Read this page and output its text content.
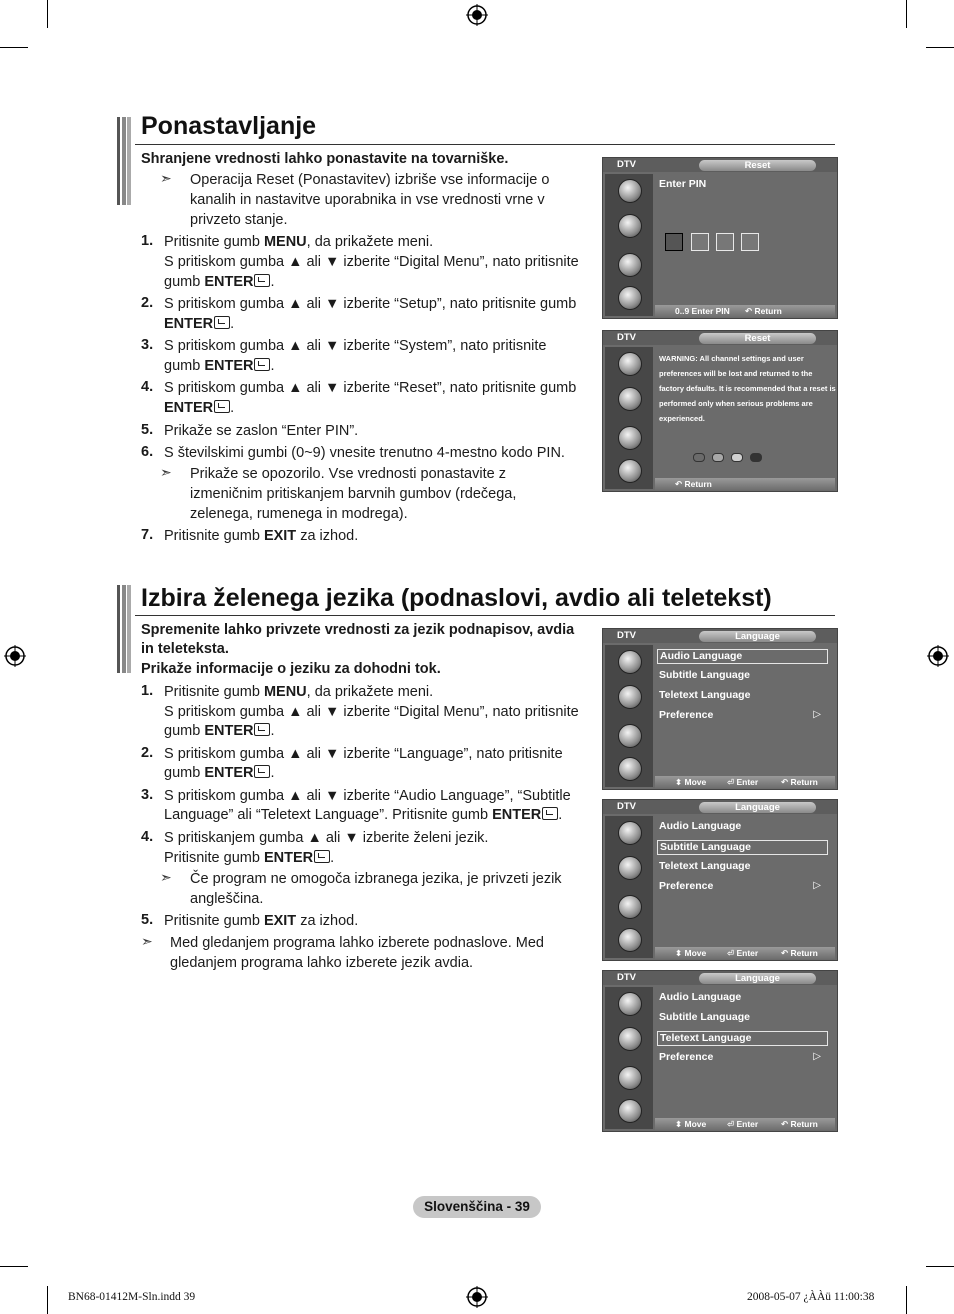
Ponastavljanje
Shranjene vrednosti lahko ponastavite na tovarniške.
➣ Operacija Reset (Ponastavitev) izbriše vse informacije o
kanalih in nastavitve uporabnika in vse vrednosti vrne v
privzeto stanje.
1. Pritisnite gumb MENU, da prikažete meni.
S pritiskom gumba ▲ ali ▼ izberite “Digital Menu”, nato pritisnite
gumb ENTER .
2. S pritiskom gumba ▲ ali ▼ izberite “Setup”, nato pritisnite gumb
ENTER .
3. S pritiskom gumba ▲ ali ▼ izberite “System”, nato pritisnite
gumb ENTER .
4. S pritiskom gumba ▲ ali ▼ izberite “Reset”, nato pritisnite gumb
ENTER .
5. Prikaže se zaslon “Enter PIN”.
6. S številskimi gumbi (0~9) vnesite trenutno 4-mestno kodo PIN.
➣ Prikaže se opozorilo. Vse vrednosti ponastavite z
izmeničnim pritiskanjem barvnih gumbov (rdečega,
zelenega, rumenega in modrega).
7. Pritisnite gumb EXIT za izhod.
DTV	Reset
Enter PIN
0..9 Enter PIN ↶ Return
DTV	Reset
WARNING: All channel settings and user preferences will be lost and returned to the factory defaults. It is recommended that a reset is performed only when serious problems are experienced.
↶ Return
Izbira želenega jezika (podnaslovi, avdio ali teletekst)
Spremenite lahko privzete vrednosti za jezik podnapisov, avdia
in teleteksta.
Prikaže informacije o jeziku za dohodni tok.
1. Pritisnite gumb MENU, da prikažete meni.
S pritiskom gumba ▲ ali ▼ izberite “Digital Menu”, nato pritisnite
gumb ENTER .
2. S pritiskom gumba ▲ ali ▼ izberite “Language”, nato pritisnite
gumb ENTER .
3. S pritiskom gumba ▲ ali ▼ izberite “Audio Language”, “Subtitle
Language” ali “Teletext Language”. Pritisnite gumb ENTER .
4. S pritiskanjem gumba ▲ ali ▼ izberite želeni jezik.
Pritisnite gumb ENTER .
➣ Če program ne omogoča izbranega jezika, je privzeti jezik
angleščina.
5. Pritisnite gumb EXIT za izhod.
➣ Med gledanjem programa lahko izberete podnaslove. Med
gledanjem programa lahko izberete jezik avdia.
DTV	Language
Audio Language
Subtitle Language
Teletext Language
Preference	▷
⬍ Move ⏎ Enter	↶ Return
DTV	Language
Audio Language
Subtitle Language
Teletext Language
Preference	▷
⬍ Move ⏎ Enter	↶ Return
DTV	Language
Audio Language
Subtitle Language
Teletext Language
Preference	▷
⬍ Move ⏎ Enter	↶ Return
Slovenščina - 39
BN68-01412M-Sln.indd 39	2008-05-07 ¿ÀÀü 11:00:38
